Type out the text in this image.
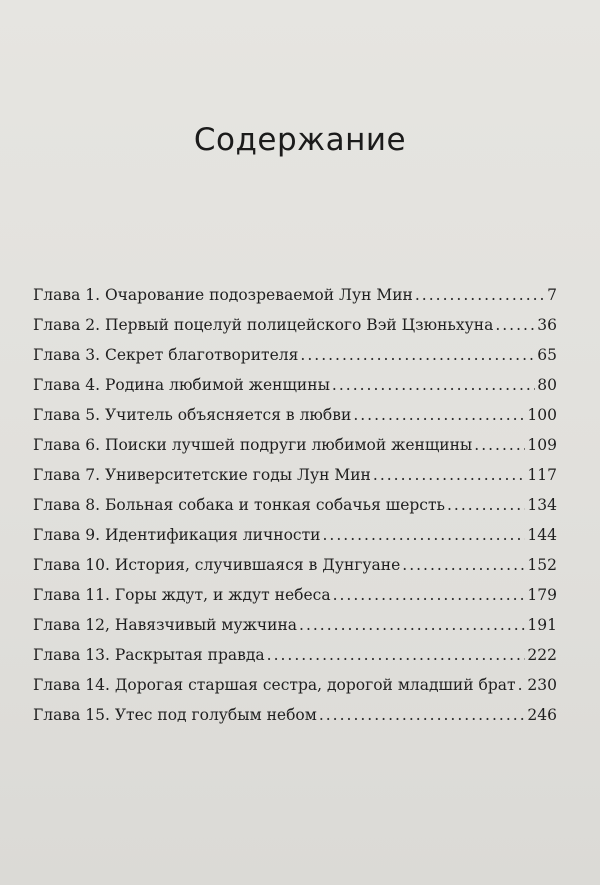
Содержание
Глава 1. Очарование подозреваемой Лун Мин .....	7
Глава 2. Первый поцелуй полицейского Вэй Цзюньхуна .....	36
Глава 3. Секрет благотворителя .....	65
Глава 4. Родина любимой женщины .....	80
Глава 5. Учитель объясняется в любви .....	100
Глава 6. Поиски лучшей подруги любимой женщины .....	109
Глава 7. Университетские годы Лун Мин .....	117
Глава 8. Больная собака и тонкая собачья шерсть .....	134
Глава 9. Идентификация личности .....	144
Глава 10. История, случившаяся в Дунгуане .....	152
Глава 11. Горы ждут, и ждут небеса .....	179
Глава 12, Навязчивый мужчина .....	191
Глава 13. Раскрытая правда .....	222
Глава 14. Дорогая старшая сестра, дорогой младший брат ..... 230
Глава 15. Утес под голубым небом .....	246
